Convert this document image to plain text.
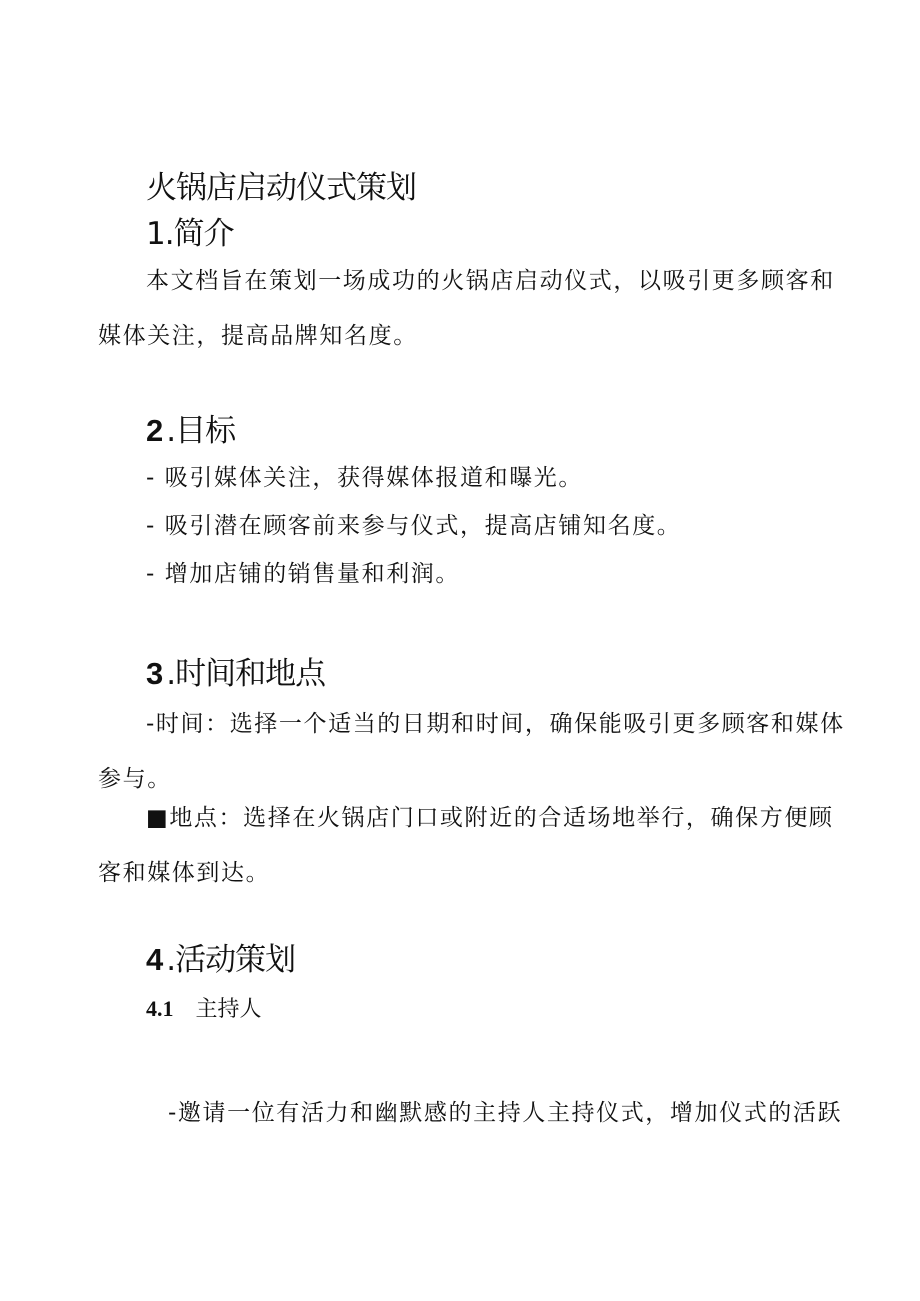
火锅店启动仪式策划
1.简介
本文档旨在策划一场成功的火锅店启动仪式，以吸引更多顾客和
媒体关注，提高品牌知名度。
2 .目标
- 吸引媒体关注，获得媒体报道和曝光。
- 吸引潜在顾客前来参与仪式，提高店铺知名度。
- 增加店铺的销售量和利润。
3 .时间和地点
-时间：选择一个适当的日期和时间，确保能吸引更多顾客和媒体
参与。
■地点：选择在火锅店门口或附近的合适场地举行，确保方便顾
客和媒体到达。
4 .活动策划
4.1 主持人
-邀请一位有活力和幽默感的主持人主持仪式，增加仪式的活跃
